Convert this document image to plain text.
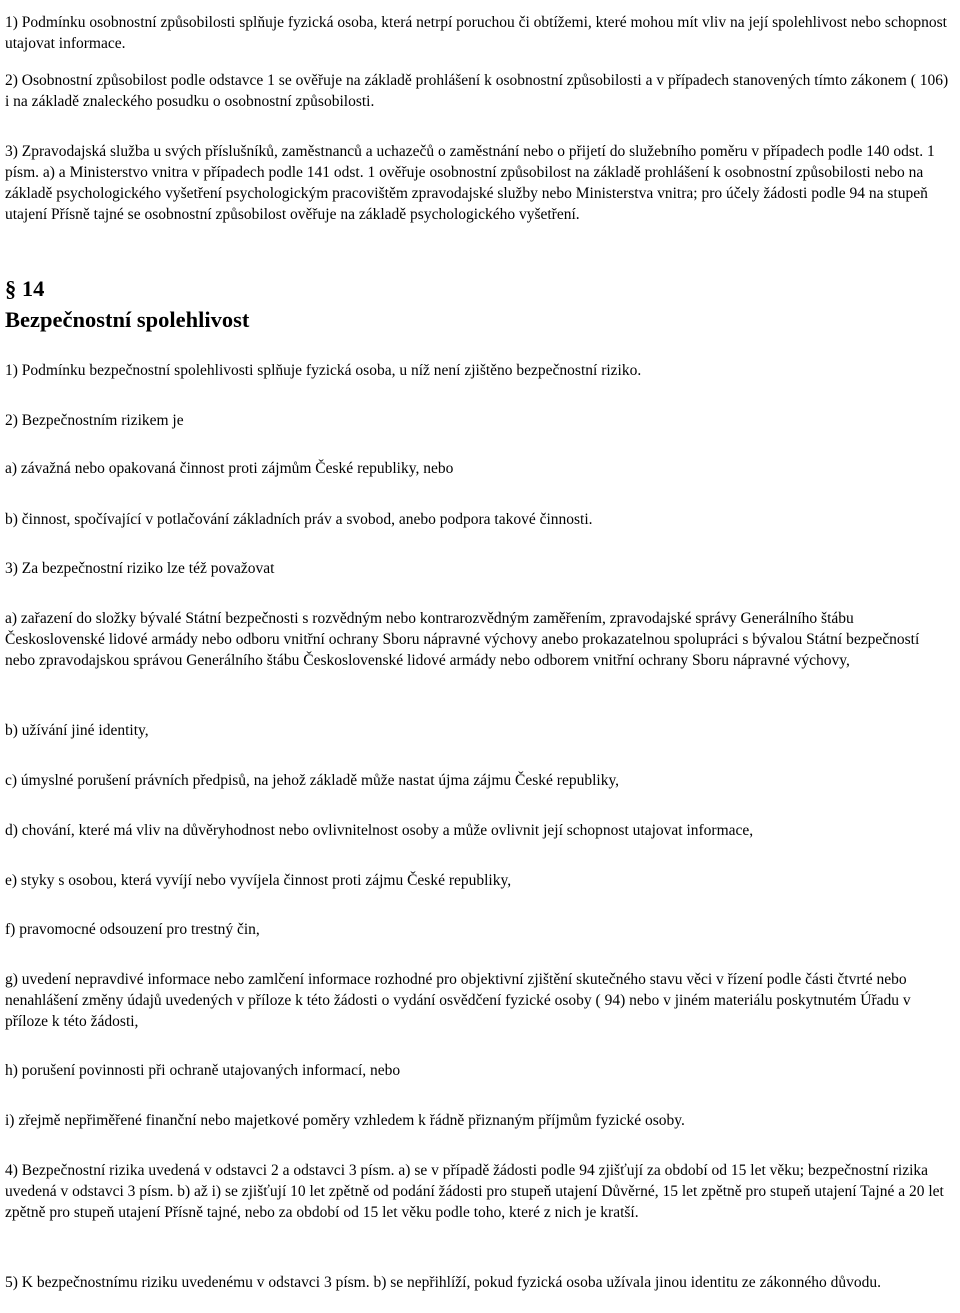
1) Podmínku osobnostní způsobilosti splňuje fyzická osoba, která netrpí poruchou či obtížemi, které mohou mít vliv na její spolehlivost nebo schopnost utajovat informace.

2) Osobnostní způsobilost podle odstavce 1 se ověřuje na základě prohlášení k osobnostní způsobilosti a v případech stanovených tímto zákonem ( 106) i na základě znaleckého posudku o osobnostní způsobilosti.

3) Zpravodajská služba u svých příslušníků, zaměstnanců a uchazečů o zaměstnání nebo o přijetí do služebního poměru v případech podle 140 odst. 1 písm. a) a Ministerstvo vnitra v případech podle 141 odst. 1 ověřuje osobnostní způsobilost na základě prohlášení k osobnostní způsobilosti nebo na základě psychologického vyšetření psychologickým pracovištěm zpravodajské služby nebo Ministerstva vnitra; pro účely žádosti podle 94 na stupeň utajení Přísně tajné se osobnostní způsobilost ověřuje na základě psychologického vyšetření.

§ 14
Bezpečnostní spolehlivost

1) Podmínku bezpečnostní spolehlivosti splňuje fyzická osoba, u níž není zjištěno bezpečnostní riziko.

2) Bezpečnostním rizikem je

a) závažná nebo opakovaná činnost proti zájmům České republiky, nebo

b) činnost, spočívající v potlačování základních práv a svobod, anebo podpora takové činnosti.

3) Za bezpečnostní riziko lze též považovat

a) zařazení do složky bývalé Státní bezpečnosti s rozvědným nebo kontrarozvědným zaměřením, zpravodajské správy Generálního štábu Československé lidové armády nebo odboru vnitřní ochrany Sboru nápravné výchovy anebo prokazatelnou spolupráci s bývalou Státní bezpečností nebo zpravodajskou správou Generálního štábu Československé lidové armády nebo odborem vnitřní ochrany Sboru nápravné výchovy,

b) užívání jiné identity,

c) úmyslné porušení právních předpisů, na jehož základě může nastat újma zájmu České republiky,

d) chování, které má vliv na důvěryhodnost nebo ovlivnitelnost osoby a může ovlivnit její schopnost utajovat informace,

e) styky s osobou, která vyvíjí nebo vyvíjela činnost proti zájmu České republiky,

f) pravomocné odsouzení pro trestný čin,

g) uvedení nepravdivé informace nebo zamlčení informace rozhodné pro objektivní zjištění skutečného stavu věci v řízení podle části čtvrté nebo nenahlášení změny údajů uvedených v příloze k této žádosti o vydání osvědčení fyzické osoby ( 94) nebo v jiném materiálu poskytnutém Úřadu v příloze k této žádosti,

h) porušení povinnosti při ochraně utajovaných informací, nebo

i) zřejmě nepřiměřené finanční nebo majetkové poměry vzhledem k řádně přiznaným příjmům fyzické osoby.

4) Bezpečnostní rizika uvedená v odstavci 2 a odstavci 3 písm. a) se v případě žádosti podle 94 zjišťují za období od 15 let věku; bezpečnostní rizika uvedená v odstavci 3 písm. b) až i) se zjišťují 10 let zpětně od podání žádosti pro stupeň utajení Důvěrné, 15 let zpětně pro stupeň utajení Tajné a 20 let zpětně pro stupeň utajení Přísně tajné, nebo za období od 15 let věku podle toho, které z nich je kratší.

5) K bezpečnostnímu riziku uvedenému v odstavci 3 písm. b) se nepřihlíží, pokud fyzická osoba užívala jinou identitu ze zákonného důvodu.
